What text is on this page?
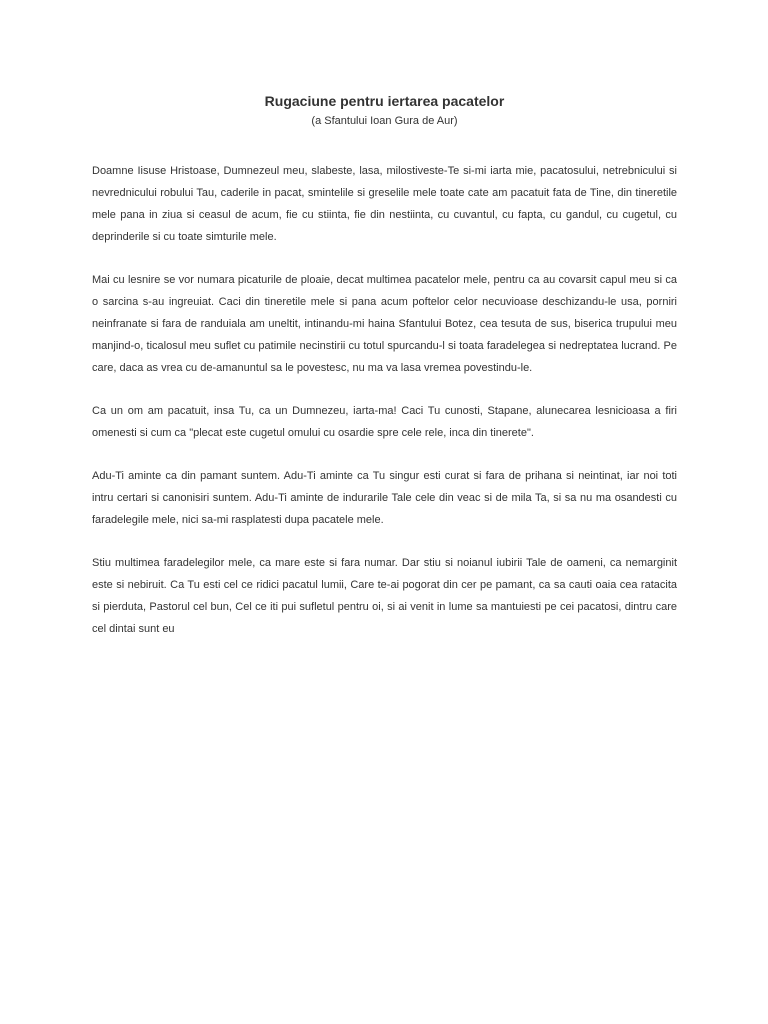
Rugaciune pentru iertarea pacatelor

(a Sfantului Ioan Gura de Aur)

Doamne Iisuse Hristoase, Dumnezeul meu, slabeste, lasa, milostiveste-Te si-mi iarta mie, pacatosului, netrebnicului si nevrednicului robului Tau, caderile in pacat, smintelile si greselile mele toate cate am pacatuit fata de Tine, din tineretile mele pana in ziua si ceasul de acum, fie cu stiinta, fie din nestiinta, cu cuvantul, cu fapta, cu gandul, cu cugetul, cu deprinderile si cu toate simturile mele.

Mai cu lesnire se vor numara picaturile de ploaie, decat multimea pacatelor mele, pentru ca au covarsit capul meu si ca o sarcina s-au ingreuiat. Caci din tineretile mele si pana acum poftelor celor necuvioase deschizandu-le usa, porniri neinfranate si fara de randuiala am uneltit, intinandu-mi haina Sfantului Botez, cea tesuta de sus, biserica trupului meu manjind-o, ticalosul meu suflet cu patimile necinstirii cu totul spurcandu-l si toata faradelegea si nedreptatea lucrand. Pe care, daca as vrea cu de-amanuntul sa le povestesc, nu ma va lasa vremea povestindu-le.

Ca un om am pacatuit, insa Tu, ca un Dumnezeu, iarta-ma! Caci Tu cunosti, Stapane, alunecarea lesnicioasa a firi omenesti si cum ca "plecat este cugetul omului cu osardie spre cele rele, inca din tinerete".

Adu-Ti aminte ca din pamant suntem. Adu-Ti aminte ca Tu singur esti curat si fara de prihana si neintinat, iar noi toti intru certari si canonisiri suntem. Adu-Ti aminte de indurarile Tale cele din veac si de mila Ta, si sa nu ma osandesti cu faradelegile mele, nici sa-mi rasplatesti dupa pacatele mele.

Stiu multimea faradelegilor mele, ca mare este si fara numar. Dar stiu si noianul iubirii Tale de oameni, ca nemarginit este si nebiruit. Ca Tu esti cel ce ridici pacatul lumii, Care te-ai pogorat din cer pe pamant, ca sa cauti oaia cea ratacita si pierduta, Pastorul cel bun, Cel ce iti pui sufletul pentru oi, si ai venit in lume sa mantuiesti pe cei pacatosi, dintru care cel dintai sunt eu
